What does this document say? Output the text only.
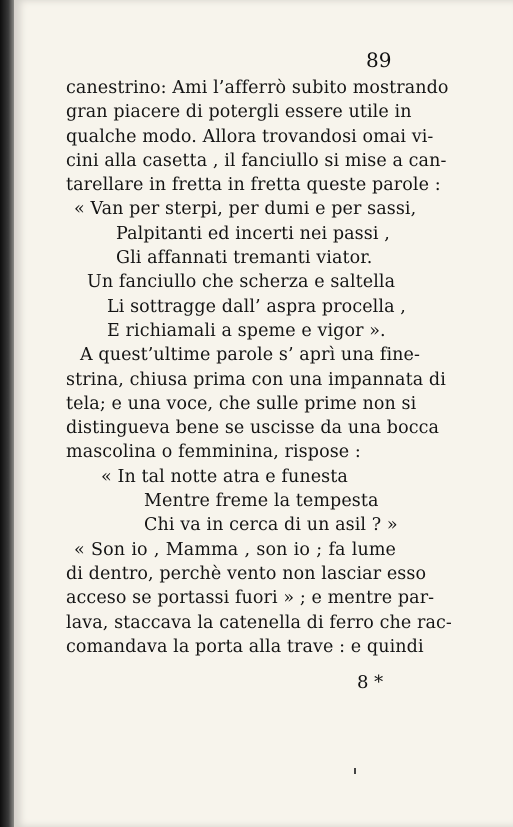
89
canestrino: Ami l’afferrò subito mostrando
gran piacere di potergli essere utile in
qualche modo. Allora trovandosi omai vi-
cini alla casetta , il fanciullo si mise a can-
tarellare in fretta in fretta queste parole :
« Van per sterpi, per dumi e per sassi,
Palpitanti ed incerti nei passi ,
Gli affannati tremanti viator.
Un fanciullo che scherza e saltella
Li sottragge dall’ aspra procella ,
E richiamali a speme e vigor ».
A quest’ultime parole s’ aprì una fine-
strina, chiusa prima con una impannata di
tela; e una voce, che sulle prime non si
distingueva bene se uscisse da una bocca
mascolina o femminina, rispose :
« In tal notte atra e funesta
Mentre freme la tempesta
Chi va in cerca di un asil ? »
« Son io , Mamma , son io ; fa lume
di dentro, perchè vento non lasciar esso
acceso se portassi fuori » ; e mentre par-
lava, staccava la catenella di ferro che rac-
comandava la porta alla trave : e quindi
8 *
